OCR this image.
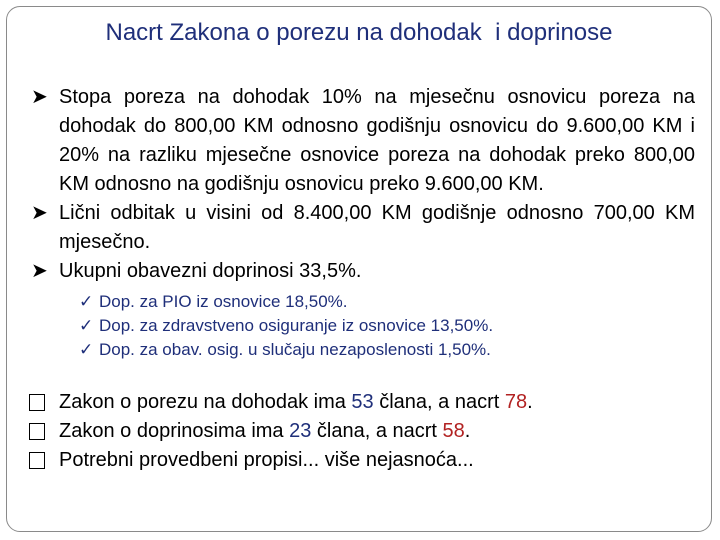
Nacrt Zakona o porezu na dohodak  i doprinose
➤ Stopa poreza na dohodak 10% na mjesečnu osnovicu poreza na dohodak do 800,00 KM odnosno godišnju osnovicu do 9.600,00 KM i 20% na razliku mjesečne osnovice poreza na dohodak preko 800,00 KM odnosno na godišnju osnovicu preko 9.600,00 KM.
➤ Lični odbitak u visini od 8.400,00 KM godišnje odnosno 700,00 KM mjesečno.
➤ Ukupni obavezni doprinosi 33,5%.
✓ Dop. za PIO iz osnovice 18,50%.
✓ Dop. za zdravstveno osiguranje iz osnovice 13,50%.
✓ Dop. za obav. osig. u slučaju nezaposlenosti 1,50%.
Zakon o porezu na dohodak ima 53 člana, a nacrt 78.
Zakon o doprinosima ima 23 člana, a nacrt 58.
Potrebni provedbeni propisi... više nejasnoća...
